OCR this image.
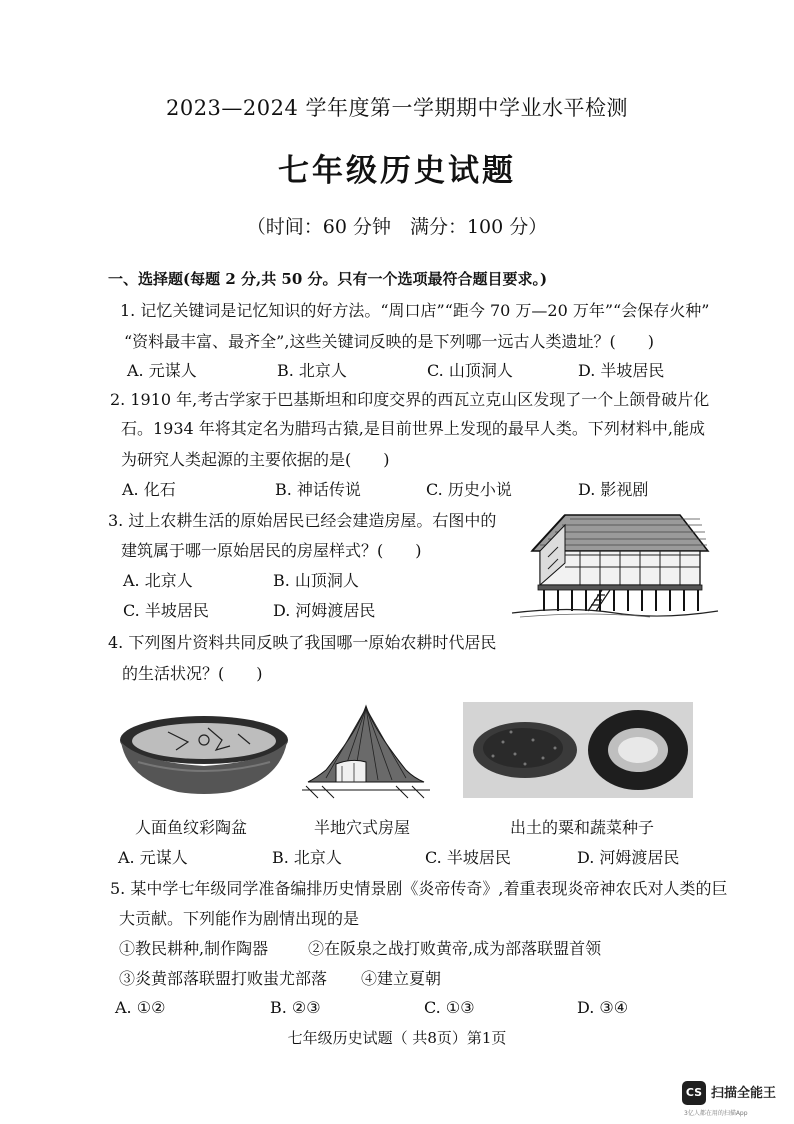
2023—2024 学年度第一学期期中学业水平检测
七年级历史试题
（时间：60 分钟　满分：100 分）
一、选择题(每题 2 分,共 50 分。只有一个选项最符合题目要求。)
1. 记忆关键词是记忆知识的好方法。“周口店”“距今 70 万—20 万年”“会保存火种”
“资料最丰富、最齐全”,这些关键词反映的是下列哪一远古人类遗址？(　　)
A. 元谋人	B. 北京人	C. 山顶洞人	D. 半坡居民
2. 1910 年,考古学家于巴基斯坦和印度交界的西瓦立克山区发现了一个上颌骨破片化
石。1934 年将其定名为腊玛古猿,是目前世界上发现的最早人类。下列材料中,能成
为研究人类起源的主要依据的是(　　)
A. 化石	B. 神话传说	C. 历史小说	D. 影视剧
3. 过上农耕生活的原始居民已经会建造房屋。右图中的
建筑属于哪一原始居民的房屋样式？(　　)
A. 北京人	B. 山顶洞人
C. 半坡居民	D. 河姆渡居民
4. 下列图片资料共同反映了我国哪一原始农耕时代居民
的生活状况？(　　)
人面鱼纹彩陶盆	半地穴式房屋	出土的粟和蔬菜种子
A. 元谋人	B. 北京人	C. 半坡居民	D. 河姆渡居民
5. 某中学七年级同学准备编排历史情景剧《炎帝传奇》,着重表现炎帝神农氏对人类的巨
大贡献。下列能作为剧情出现的是
①教民耕种,制作陶器 ②在阪泉之战打败黄帝,成为部落联盟首领
③炎黄部落联盟打败蚩尤部落 ④建立夏朝
A. ①②	B. ②③	C. ①③	D. ③④
七年级历史试题（ 共8页）第1页
CS 扫描全能王
3亿人都在用的扫描App
